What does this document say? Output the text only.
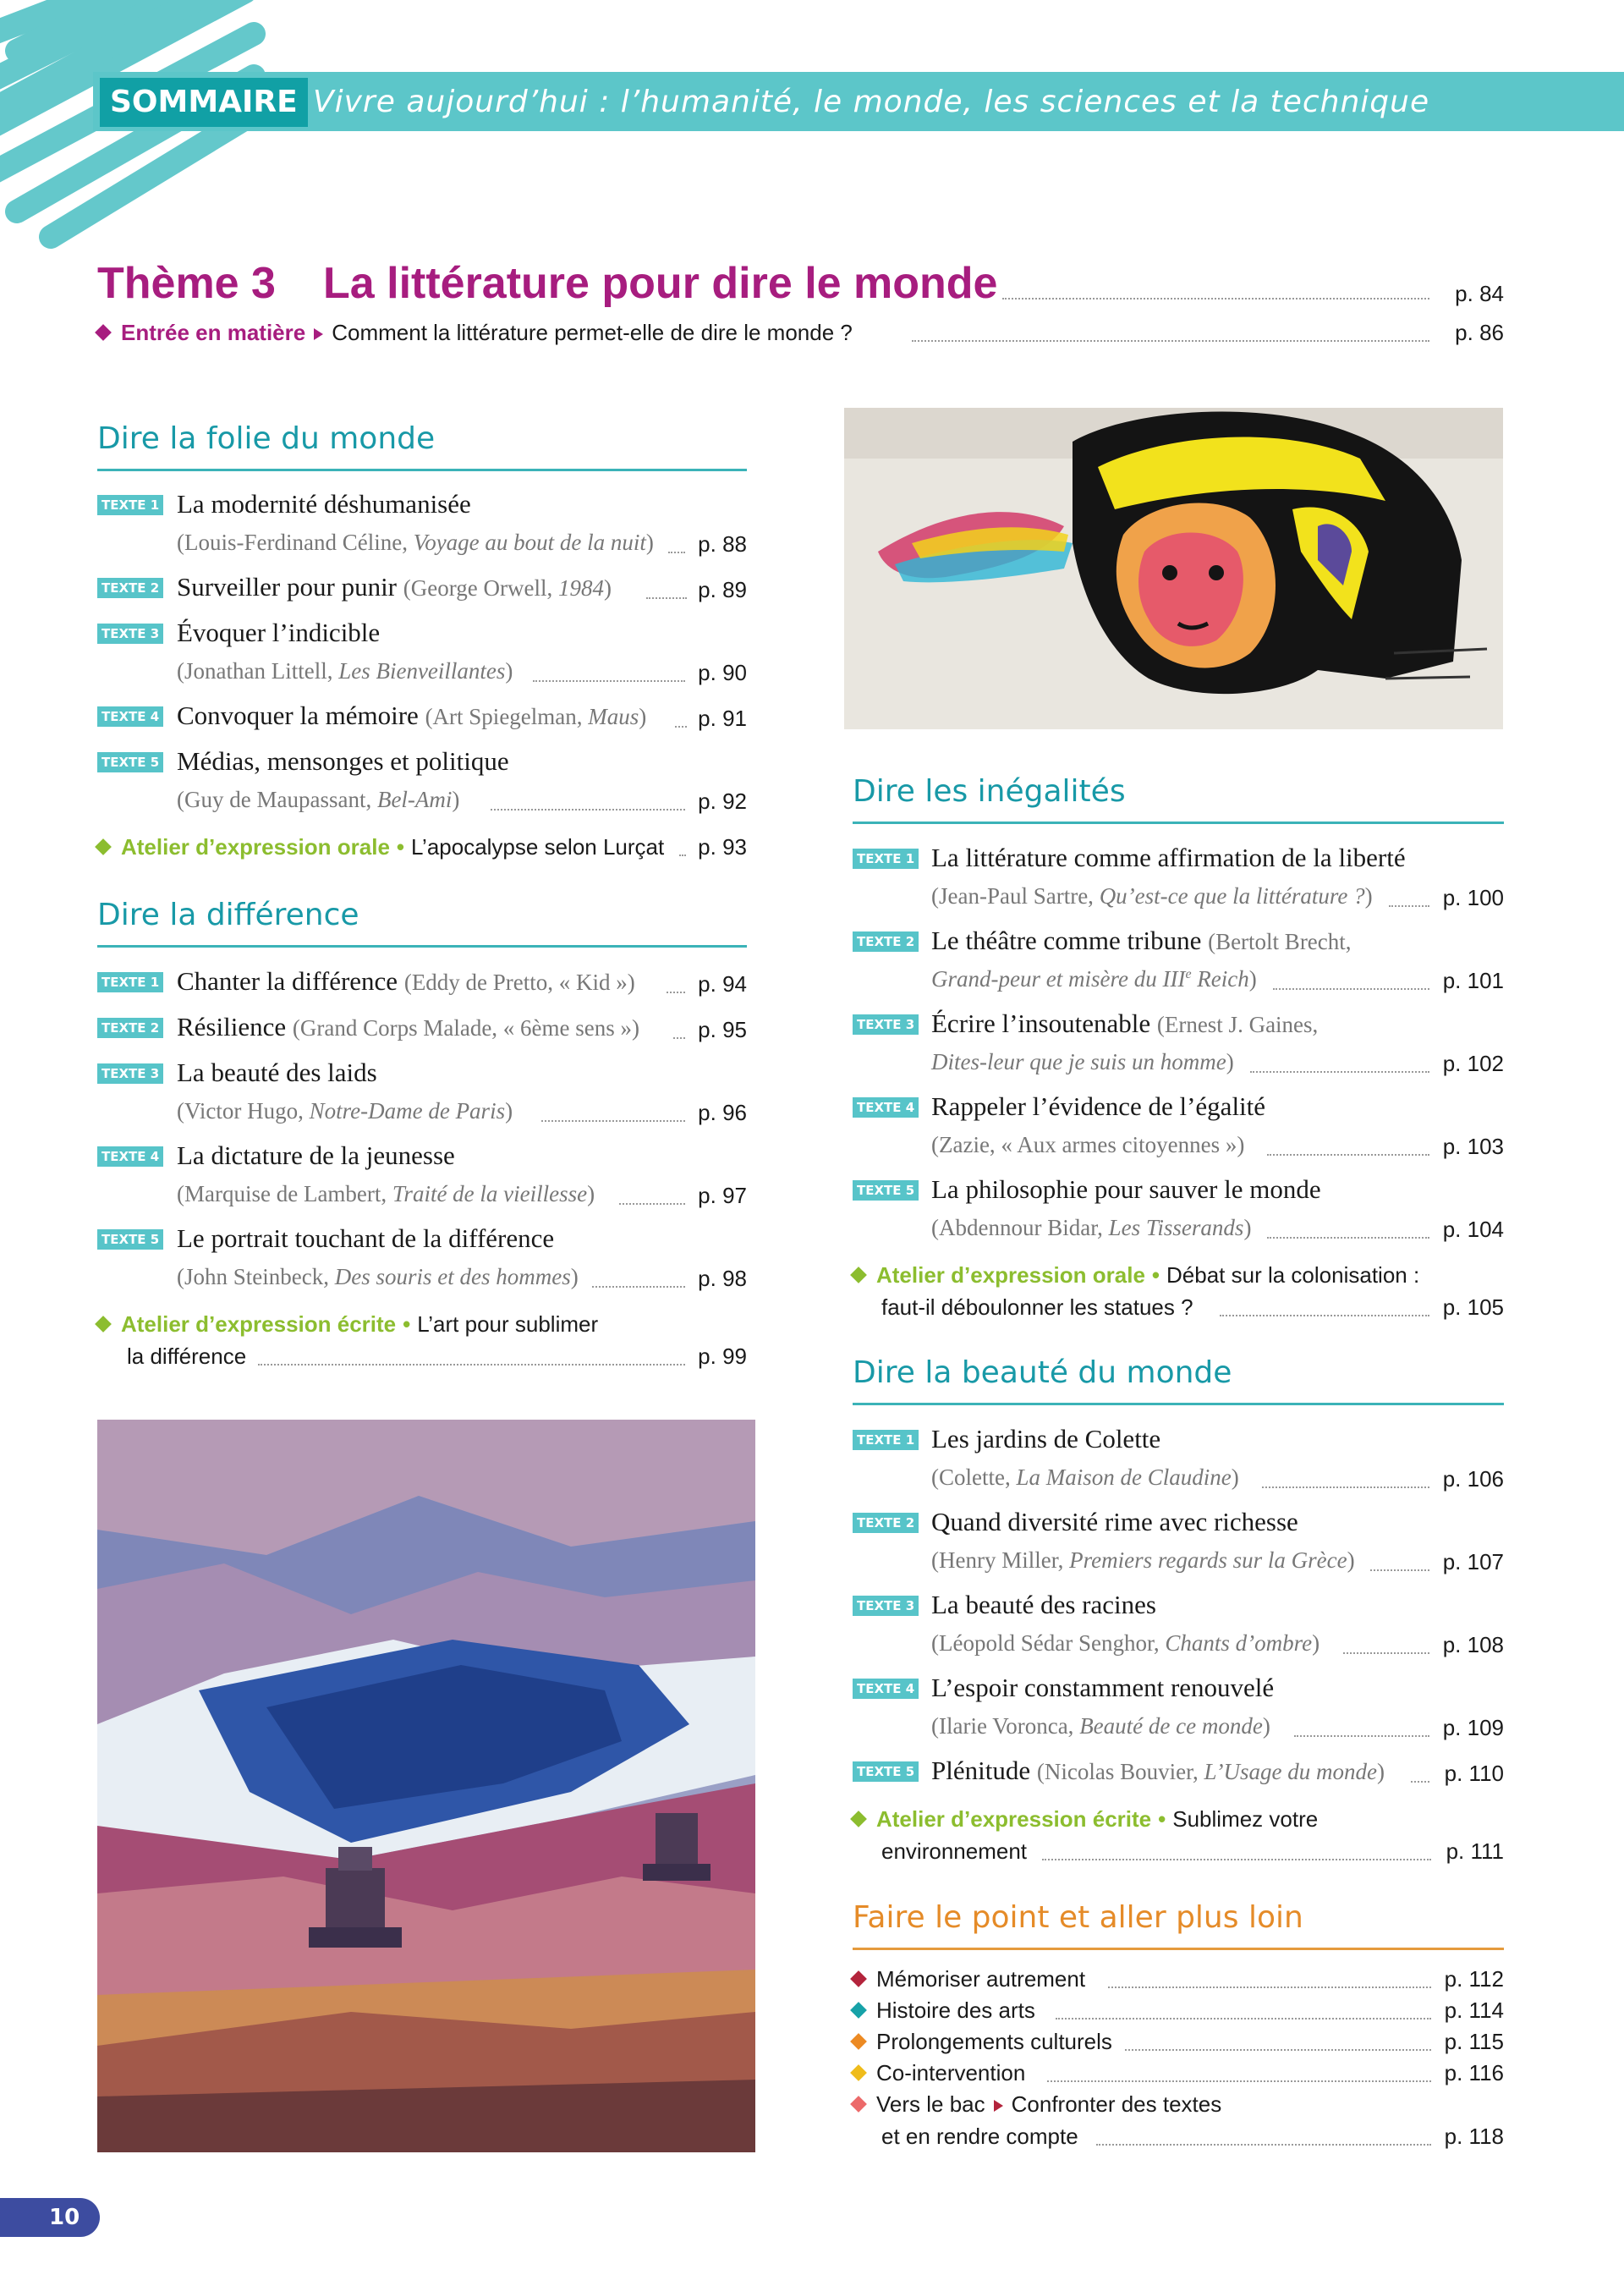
SOMMAIRE Vivre aujourd’hui : l’humanité, le monde, les sciences et la technique
Thème 3 La littérature pour dire le monde	p. 84
Entrée en matière Comment la littérature permet-elle de dire le monde ?	p. 86
Dire la folie du monde
TEXTE 1 La modernité déshumanisée
(Louis-Ferdinand Céline, Voyage au bout de la nuit)	p. 88
TEXTE 2 Surveiller pour punir (George Orwell, 1984)	p. 89
TEXTE 3 Évoquer l’indicible
(Jonathan Littell, Les Bienveillantes)	p. 90
TEXTE 4 Convoquer la mémoire (Art Spiegelman, Maus)	p. 91
TEXTE 5 Médias, mensonges et politique
(Guy de Maupassant, Bel-Ami)	p. 92
Atelier d’expression orale • L’apocalypse selon Lurçat	p. 93
Dire la différence
TEXTE 1 Chanter la différence (Eddy de Pretto, « Kid »)	p. 94
TEXTE 2 Résilience (Grand Corps Malade, « 6ème sens »)	p. 95
TEXTE 3 La beauté des laids
(Victor Hugo, Notre-Dame de Paris)	p. 96
TEXTE 4 La dictature de la jeunesse
(Marquise de Lambert, Traité de la vieillesse)	p. 97
TEXTE 5 Le portrait touchant de la différence
(John Steinbeck, Des souris et des hommes)	p. 98
Atelier d’expression écrite • L’art pour sublimer
la différence	p. 99
Dire les inégalités
TEXTE 1 La littérature comme affirmation de la liberté
(Jean-Paul Sartre, Qu’est-ce que la littérature ?)	p. 100
TEXTE 2 Le théâtre comme tribune (Bertolt Brecht,
Grand-peur et misère du IIIe Reich)	p. 101
TEXTE 3 Écrire l’insoutenable (Ernest J. Gaines,
Dites-leur que je suis un homme)	p. 102
TEXTE 4 Rappeler l’évidence de l’égalité
(Zazie, « Aux armes citoyennes »)	p. 103
TEXTE 5 La philosophie pour sauver le monde
(Abdennour Bidar, Les Tisserands)	p. 104
Atelier d’expression orale • Débat sur la colonisation :
faut-il déboulonner les statues ?	p. 105
Dire la beauté du monde
TEXTE 1 Les jardins de Colette
(Colette, La Maison de Claudine)	p. 106
TEXTE 2 Quand diversité rime avec richesse
(Henry Miller, Premiers regards sur la Grèce)	p. 107
TEXTE 3 La beauté des racines
(Léopold Sédar Senghor, Chants d’ombre)	p. 108
TEXTE 4 L’espoir constamment renouvelé
(Ilarie Voronca, Beauté de ce monde)	p. 109
TEXTE 5 Plénitude (Nicolas Bouvier, L’Usage du monde)	p. 110
Atelier d’expression écrite • Sublimez votre
environnement	p. 111
Faire le point et aller plus loin
Mémoriser autrement	p. 112
Histoire des arts	p. 114
Prolongements culturels	p. 115
Co-intervention	p. 116
Vers le bac Confronter des textes
et en rendre compte	p. 118
10
